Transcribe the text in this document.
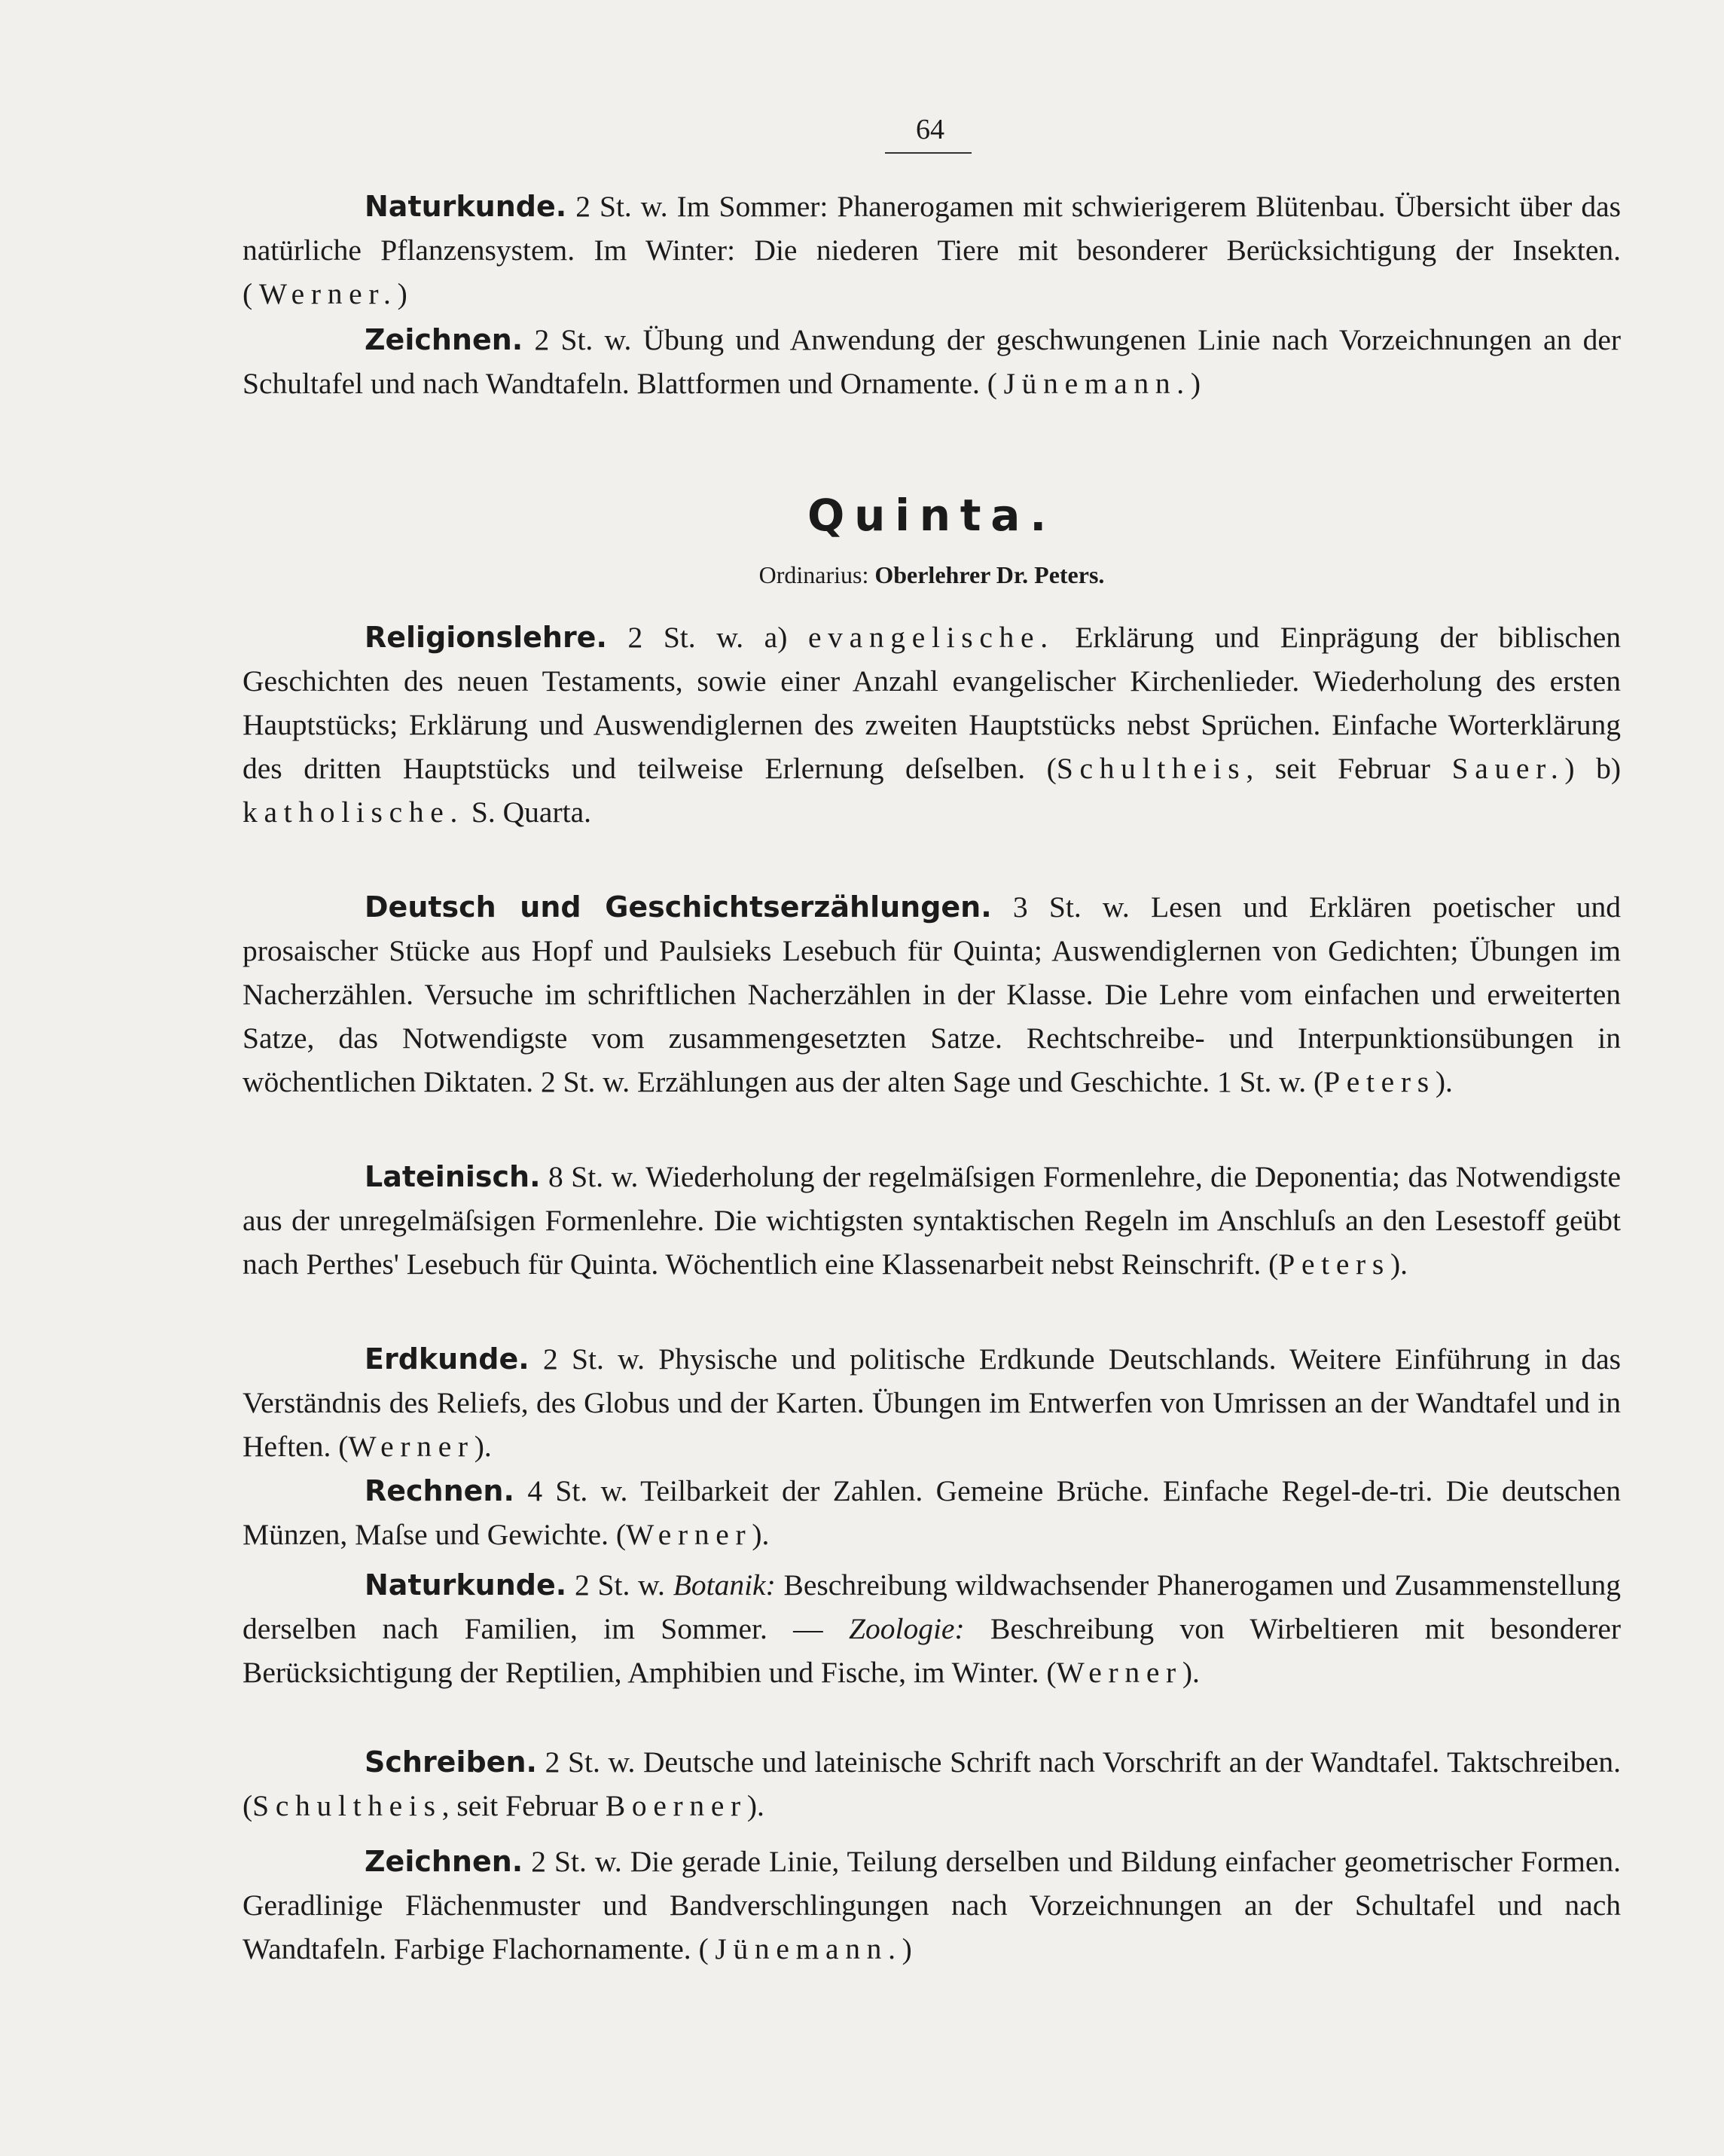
64

Naturkunde. 2 St. w. Im Sommer: Phanerogamen mit schwierigerem Blütenbau. Übersicht über das natürliche Pflanzensystem. Im Winter: Die niederen Tiere mit besonderer Berücksichtigung der Insekten. (Werner.)

Zeichnen. 2 St. w. Übung und Anwendung der geschwungenen Linie nach Vorzeichnungen an der Schultafel und nach Wandtafeln. Blattformen und Ornamente. (Jünemann.)

Quinta.
Ordinarius: Oberlehrer Dr. Peters.

Religionslehre. 2 St. w. a) evangelische. Erklärung und Einprägung der biblischen Geschichten des neuen Testaments, sowie einer Anzahl evangelischer Kirchenlieder. Wiederholung des ersten Hauptstücks; Erklärung und Auswendiglernen des zweiten Hauptstücks nebst Sprüchen. Einfache Worterklärung des dritten Hauptstücks und teilweise Erlernung deſselben. (Schultheis, seit Februar Sauer.) b) katholische. S. Quarta.

Deutsch und Geschichtserzählungen. 3 St. w. Lesen und Erklären poetischer und prosaischer Stücke aus Hopf und Paulsieks Lesebuch für Quinta; Auswendiglernen von Gedichten; Übungen im Nacherzählen. Versuche im schriftlichen Nacherzählen in der Klasse. Die Lehre vom einfachen und erweiterten Satze, das Notwendigste vom zusammengesetzten Satze. Rechtschreibe- und Interpunktionsübungen in wöchentlichen Diktaten. 2 St. w. Erzählungen aus der alten Sage und Geschichte. 1 St. w. (Peters).

Lateinisch. 8 St. w. Wiederholung der regelmäſsigen Formenlehre, die Deponentia; das Notwendigste aus der unregelmäſsigen Formenlehre. Die wichtigsten syntaktischen Regeln im Anschluſs an den Lesestoff geübt nach Perthes' Lesebuch für Quinta. Wöchentlich eine Klassenarbeit nebst Reinschrift. (Peters).

Erdkunde. 2 St. w. Physische und politische Erdkunde Deutschlands. Weitere Einführung in das Verständnis des Reliefs, des Globus und der Karten. Übungen im Entwerfen von Umrissen an der Wandtafel und in Heften. (Werner).

Rechnen. 4 St. w. Teilbarkeit der Zahlen. Gemeine Brüche. Einfache Regel-de-tri. Die deutschen Münzen, Maſse und Gewichte. (Werner).

Naturkunde. 2 St. w. Botanik: Beschreibung wildwachsender Phanerogamen und Zusammenstellung derselben nach Familien, im Sommer. — Zoologie: Beschreibung von Wirbeltieren mit besonderer Berücksichtigung der Reptilien, Amphibien und Fische, im Winter. (Werner).

Schreiben. 2 St. w. Deutsche und lateinische Schrift nach Vorschrift an der Wandtafel. Taktschreiben. (Schultheis, seit Februar Boerner).

Zeichnen. 2 St. w. Die gerade Linie, Teilung derselben und Bildung einfacher geometrischer Formen. Geradlinige Flächenmuster und Bandverschlingungen nach Vorzeichnungen an der Schultafel und nach Wandtafeln. Farbige Flachornamente. (Jünemann.)
